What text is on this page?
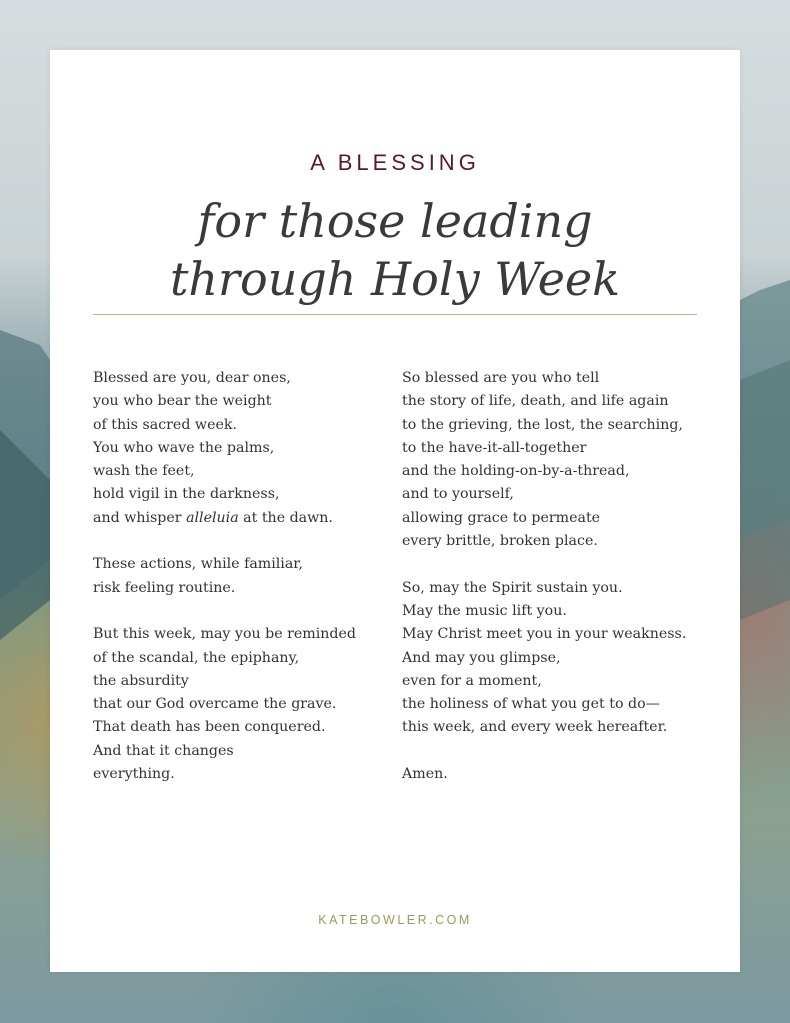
A BLESSING
for those leading
through Holy Week
Blessed are you, dear ones,
you who bear the weight
of this sacred week.
You who wave the palms,
wash the feet,
hold vigil in the darkness,
and whisper alleluia at the dawn.
These actions, while familiar,
risk feeling routine.
But this week, may you be reminded
of the scandal, the epiphany,
the absurdity
that our God overcame the grave.
That death has been conquered.
And that it changes
everything.
So blessed are you who tell
the story of life, death, and life again
to the grieving, the lost, the searching,
to the have-it-all-together
and the holding-on-by-a-thread,
and to yourself,
allowing grace to permeate
every brittle, broken place.
So, may the Spirit sustain you.
May the music lift you.
May Christ meet you in your weakness.
And may you glimpse,
even for a moment,
the holiness of what you get to do—
this week, and every week hereafter.
Amen.
KATEBOWLER.COM
